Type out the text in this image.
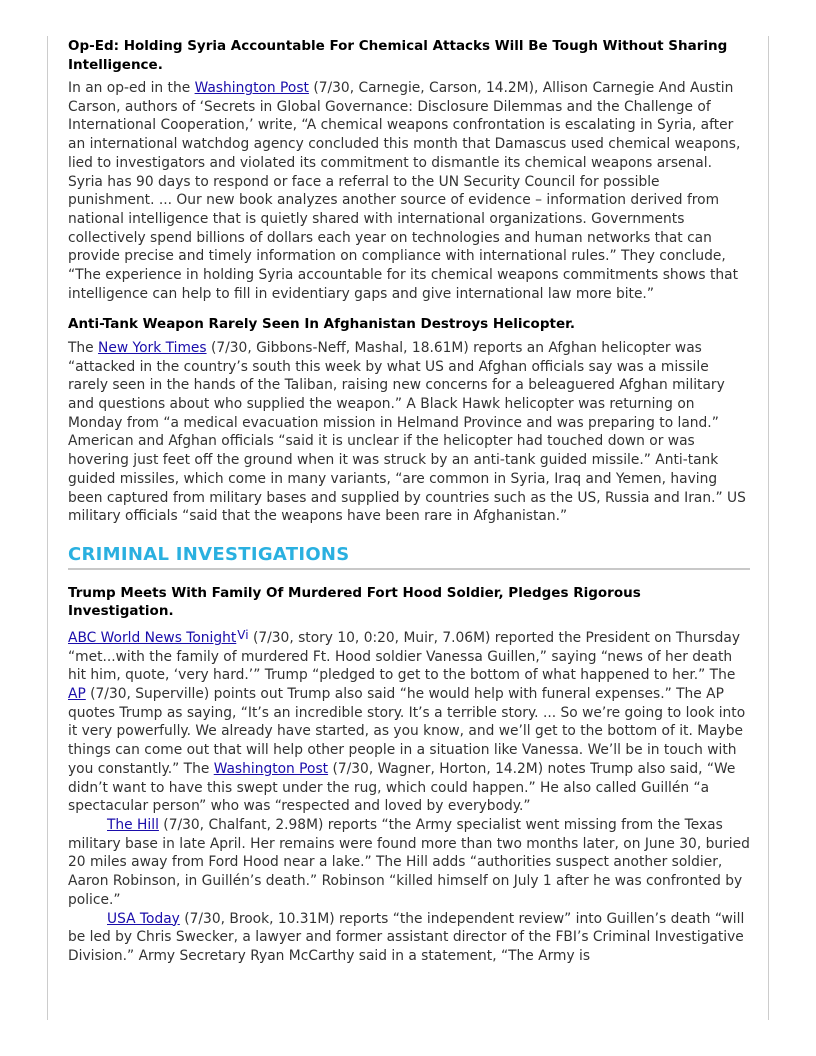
Op-Ed: Holding Syria Accountable For Chemical Attacks Will Be Tough Without Sharing Intelligence.

In an op-ed in the Washington Post (7/30, Carnegie, Carson, 14.2M), Allison Carnegie And Austin Carson, authors of ‘Secrets in Global Governance: Disclosure Dilemmas and the Challenge of International Cooperation,’ write, “A chemical weapons confrontation is escalating in Syria, after an international watchdog agency concluded this month that Damascus used chemical weapons, lied to investigators and violated its commitment to dismantle its chemical weapons arsenal. Syria has 90 days to respond or face a referral to the UN Security Council for possible punishment. ... Our new book analyzes another source of evidence – information derived from national intelligence that is quietly shared with international organizations. Governments collectively spend billions of dollars each year on technologies and human networks that can provide precise and timely information on compliance with international rules.” They conclude, “The experience in holding Syria accountable for its chemical weapons commitments shows that intelligence can help to fill in evidentiary gaps and give international law more bite.”

Anti-Tank Weapon Rarely Seen In Afghanistan Destroys Helicopter.

The New York Times (7/30, Gibbons-Neff, Mashal, 18.61M) reports an Afghan helicopter was “attacked in the country’s south this week by what US and Afghan officials say was a missile rarely seen in the hands of the Taliban, raising new concerns for a beleaguered Afghan military and questions about who supplied the weapon.” A Black Hawk helicopter was returning on Monday from “a medical evacuation mission in Helmand Province and was preparing to land.” American and Afghan officials “said it is unclear if the helicopter had touched down or was hovering just feet off the ground when it was struck by an anti-tank guided missile.” Anti-tank guided missiles, which come in many variants, “are common in Syria, Iraq and Yemen, having been captured from military bases and supplied by countries such as the US, Russia and Iran.” US military officials “said that the weapons have been rare in Afghanistan.”

CRIMINAL INVESTIGATIONS
Trump Meets With Family Of Murdered Fort Hood Soldier, Pledges Rigorous Investigation.

ABC World News TonightVi (7/30, story 10, 0:20, Muir, 7.06M) reported the President on Thursday “met...with the family of murdered Ft. Hood soldier Vanessa Guillen,” saying “news of her death hit him, quote, ‘very hard.’” Trump “pledged to get to the bottom of what happened to her.” The AP (7/30, Superville) points out Trump also said “he would help with funeral expenses.” The AP quotes Trump as saying, “It’s an incredible story. It’s a terrible story. ... So we’re going to look into it very powerfully. We already have started, as you know, and we’ll get to the bottom of it. Maybe things can come out that will help other people in a situation like Vanessa. We’ll be in touch with you constantly.” The Washington Post (7/30, Wagner, Horton, 14.2M) notes Trump also said, “We didn’t want to have this swept under the rug, which could happen.” He also called Guillén “a spectacular person” who was “respected and loved by everybody.”

The Hill (7/30, Chalfant, 2.98M) reports “the Army specialist went missing from the Texas military base in late April. Her remains were found more than two months later, on June 30, buried 20 miles away from Ford Hood near a lake.” The Hill adds “authorities suspect another soldier, Aaron Robinson, in Guillén’s death.” Robinson “killed himself on July 1 after he was confronted by police.”

USA Today (7/30, Brook, 10.31M) reports “the independent review” into Guillen’s death “will be led by Chris Swecker, a lawyer and former assistant director of the FBI’s Criminal Investigative Division.” Army Secretary Ryan McCarthy said in a statement, “The Army is
